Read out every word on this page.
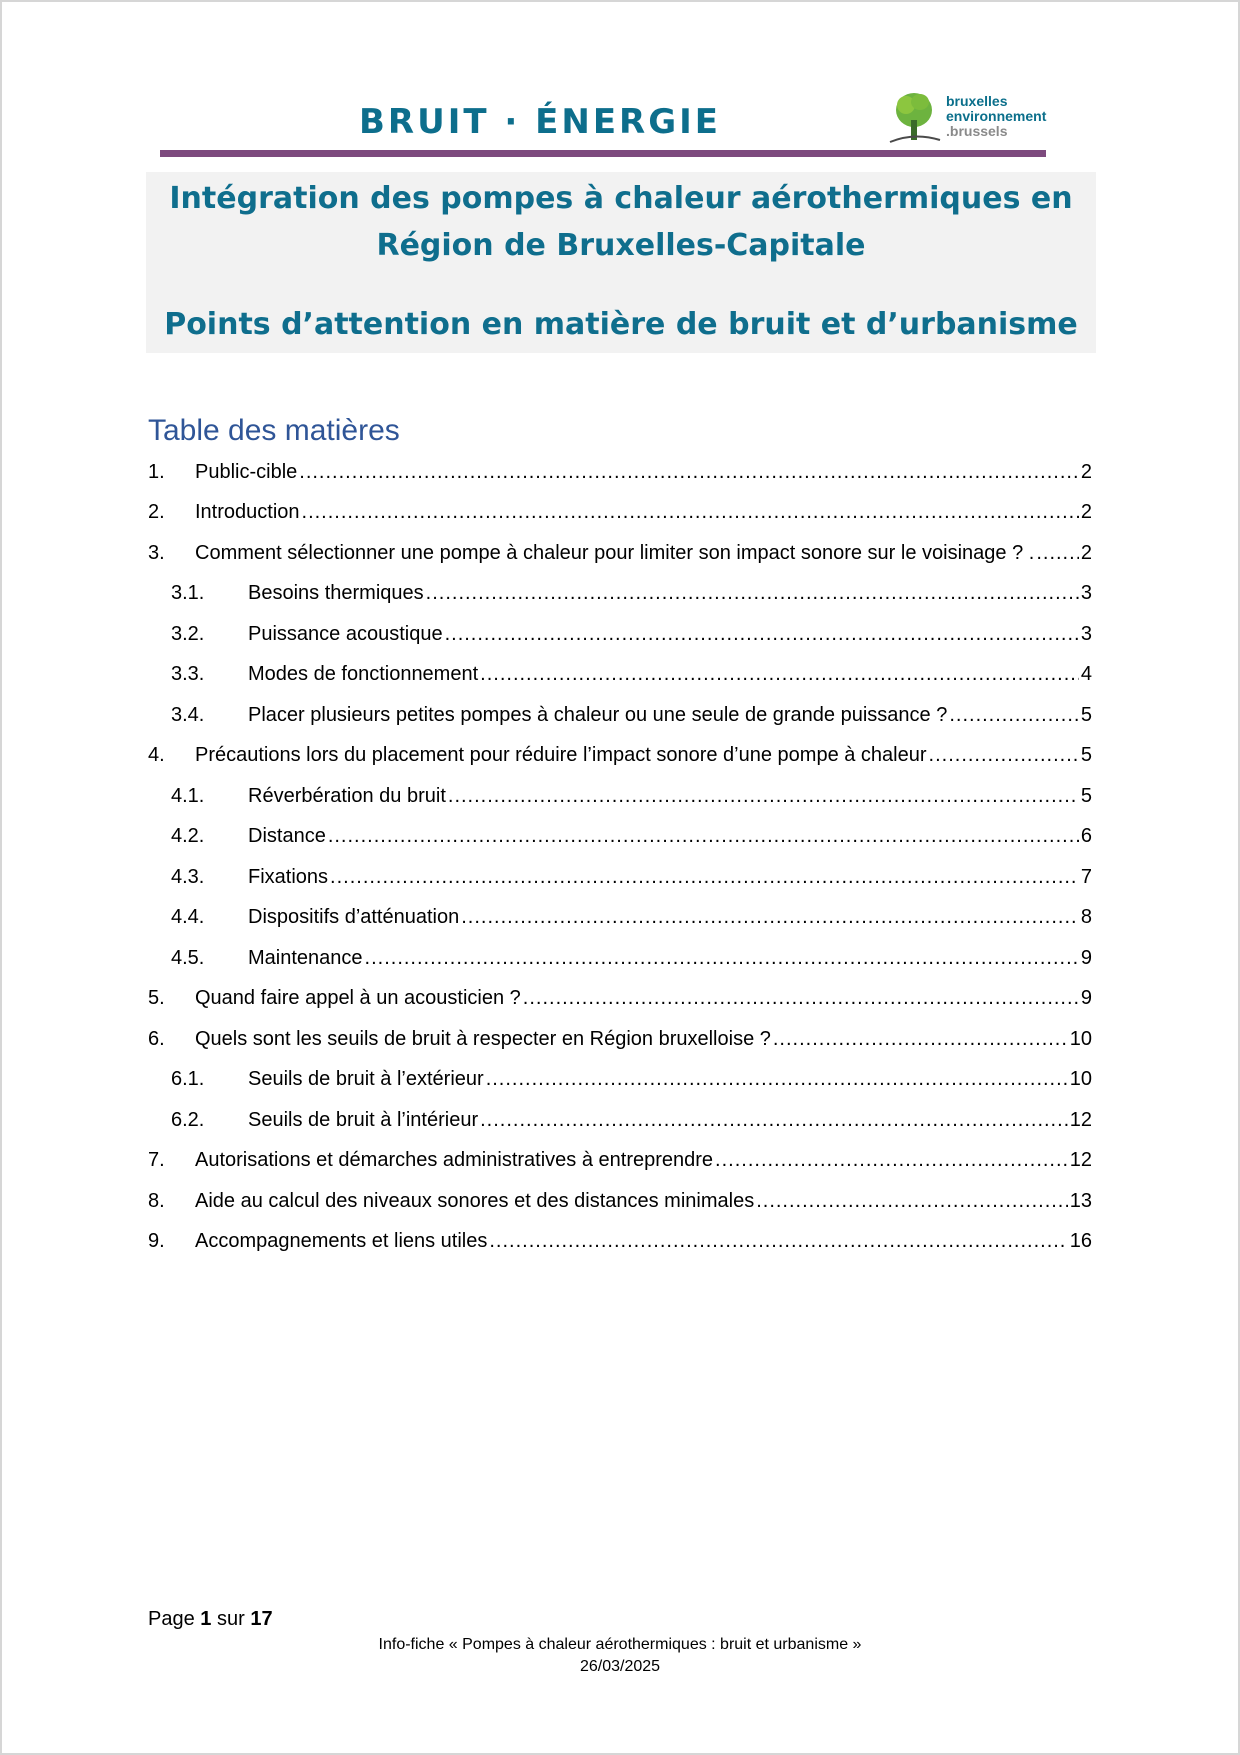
BRUIT · ÉNERGIE
bruxelles
environnement
.brussels
Intégration des pompes à chaleur aérothermiques en Région de Bruxelles-Capitale
Points d’attention en matière de bruit et d’urbanisme
Table des matières
1.	Public-cible .....	2
2.	Introduction .....	2
3.	Comment sélectionner une pompe à chaleur pour limiter son impact sonore sur le voisinage ? . ..... 2
3.1.	Besoins thermiques .....	3
3.2.	Puissance acoustique .....	3
3.3.	Modes de fonctionnement .....	4
3.4.	Placer plusieurs petites pompes à chaleur ou une seule de grande puissance ? .....	5
4.	Précautions lors du placement pour réduire l’impact sonore d’une pompe à chaleur .....	5
4.1.	Réverbération du bruit .....	5
4.2.	Distance .....	6
4.3.	Fixations .....	7
4.4.	Dispositifs d’atténuation .....	8
4.5.	Maintenance .....	9
5.	Quand faire appel à un acousticien ? .....	9
6.	Quels sont les seuils de bruit à respecter en Région bruxelloise ? .....	10
6.1.	Seuils de bruit à l’extérieur .....	10
6.2.	Seuils de bruit à l’intérieur .....	12
7.	Autorisations et démarches administratives à entreprendre .....	12
8.	Aide au calcul des niveaux sonores et des distances minimales .....	13
9.	Accompagnements et liens utiles .....	16
Page 1 sur 17
Info-fiche « Pompes à chaleur aérothermiques : bruit et urbanisme »
26/03/2025
